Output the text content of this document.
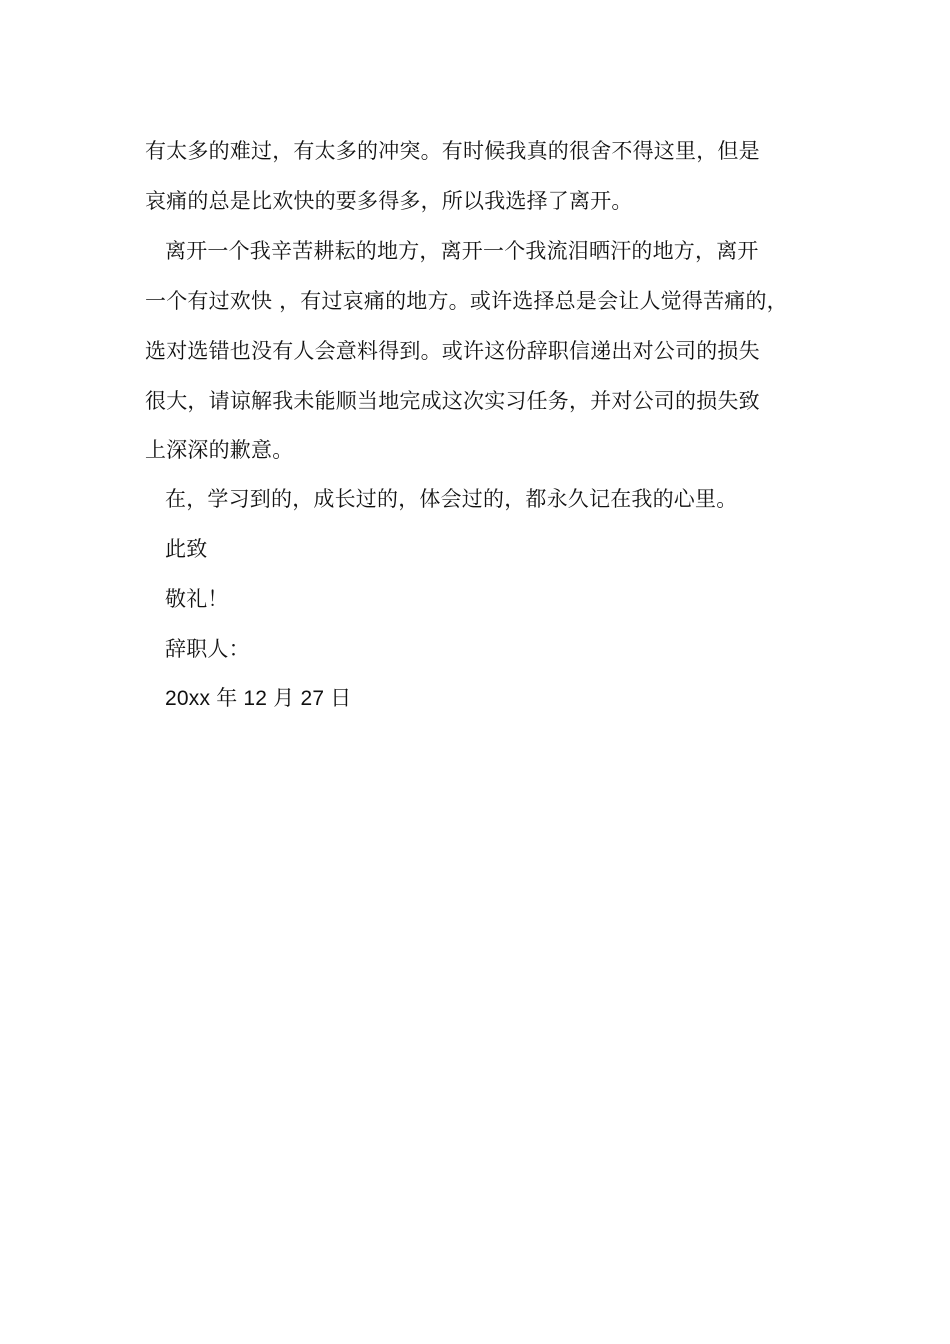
有太多的难过，有太多的冲突。有时候我真的很舍不得这里，但是
哀痛的总是比欢快的要多得多，所以我选择了离开。
离开一个我辛苦耕耘的地方，离开一个我流泪晒汗的地方，离开
一个有过欢快 ，有过哀痛的地方。或许选择总是会让人觉得苦痛的，
选对选错也没有人会意料得到。或许这份辞职信递出对公司的损失
很大，请谅解我未能顺当地完成这次实习任务，并对公司的损失致
上深深的歉意。
在，学习到的，成长过的，体会过的，都永久记在我的心里。
此致
敬礼！
辞职人：
20xx 年 12 月 27 日
